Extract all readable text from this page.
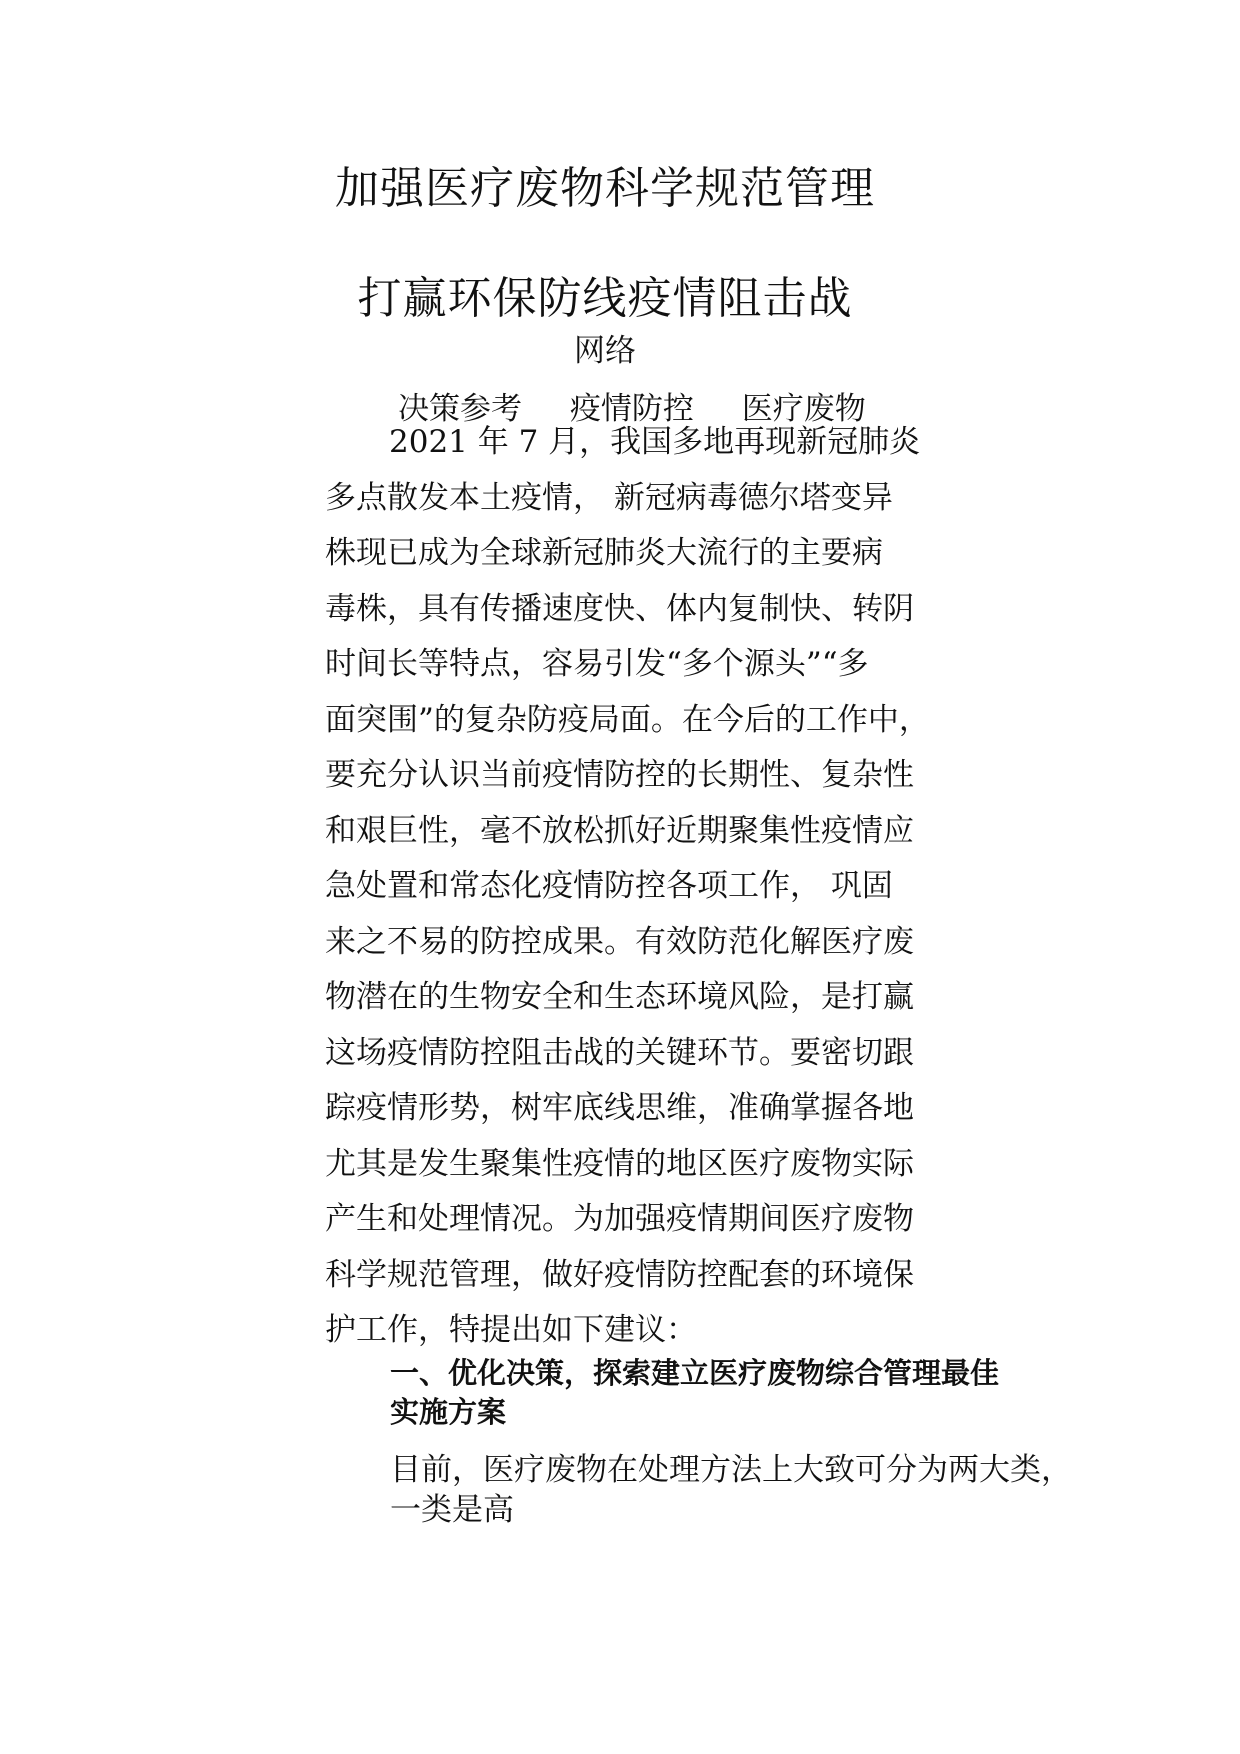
加强医疗废物科学规范管理
打赢环保防线疫情阻击战
网络
决策参考 疫情防控 医疗废物
2021 年 7 月，我国多地再现新冠肺炎
多点散发本土疫情， 新冠病毒德尔塔变异
株现已成为全球新冠肺炎大流行的主要病
毒株，具有传播速度快、体内复制快、转阴
时间长等特点，容易引发“多个源头”“多
面突围”的复杂防疫局面。在今后的工作中，
要充分认识当前疫情防控的长期性、复杂性
和艰巨性，毫不放松抓好近期聚集性疫情应
急处置和常态化疫情防控各项工作， 巩固
来之不易的防控成果。有效防范化解医疗废
物潜在的生物安全和生态环境风险，是打赢
这场疫情防控阻击战的关键环节。要密切跟
踪疫情形势，树牢底线思维，准确掌握各地
尤其是发生聚集性疫情的地区医疗废物实际
产生和处理情况。为加强疫情期间医疗废物
科学规范管理，做好疫情防控配套的环境保
护工作，特提出如下建议：
一、优化决策，探索建立医疗废物综合管理最佳
实施方案
目前，医疗废物在处理方法上大致可分为两大类，
一类是高
